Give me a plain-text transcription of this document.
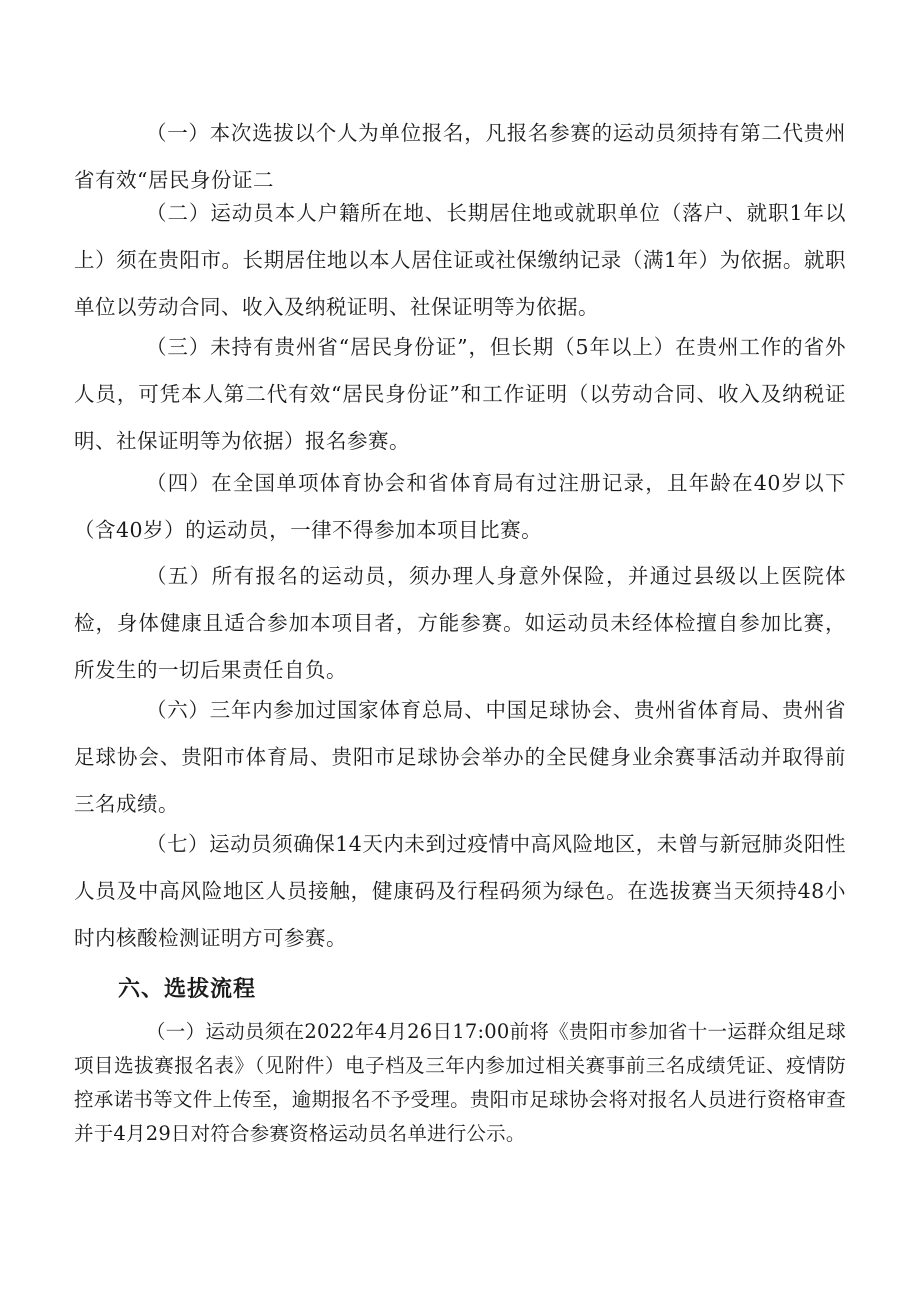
（一）本次选拔以个人为单位报名，凡报名参赛的运动员须持有第二代贵州省有效“居民身份证二

（二）运动员本人户籍所在地、长期居住地或就职单位（落户、就职1年以上）须在贵阳市。长期居住地以本人居住证或社保缴纳记录（满1年）为依据。就职单位以劳动合同、收入及纳税证明、社保证明等为依据。

（三）未持有贵州省“居民身份证”，但长期（5年以上）在贵州工作的省外人员，可凭本人第二代有效“居民身份证”和工作证明（以劳动合同、收入及纳税证明、社保证明等为依据）报名参赛。

（四）在全国单项体育协会和省体育局有过注册记录，且年龄在40岁以下（含40岁）的运动员，一律不得参加本项目比赛。

（五）所有报名的运动员，须办理人身意外保险，并通过县级以上医院体检，身体健康且适合参加本项目者，方能参赛。如运动员未经体检擅自参加比赛，所发生的一切后果责任自负。

（六）三年内参加过国家体育总局、中国足球协会、贵州省体育局、贵州省足球协会、贵阳市体育局、贵阳市足球协会举办的全民健身业余赛事活动并取得前三名成绩。

（七）运动员须确保14天内未到过疫情中高风险地区，未曾与新冠肺炎阳性人员及中高风险地区人员接触，健康码及行程码须为绿色。在选拔赛当天须持48小时内核酸检测证明方可参赛。

六、选拔流程

（一）运动员须在2022年4月26日17:00前将《贵阳市参加省十一运群众组足球项目选拔赛报名表》（见附件）电子档及三年内参加过相关赛事前三名成绩凭证、疫情防控承诺书等文件上传至，逾期报名不予受理。贵阳市足球协会将对报名人员进行资格审查并于4月29日对符合参赛资格运动员名单进行公示。
